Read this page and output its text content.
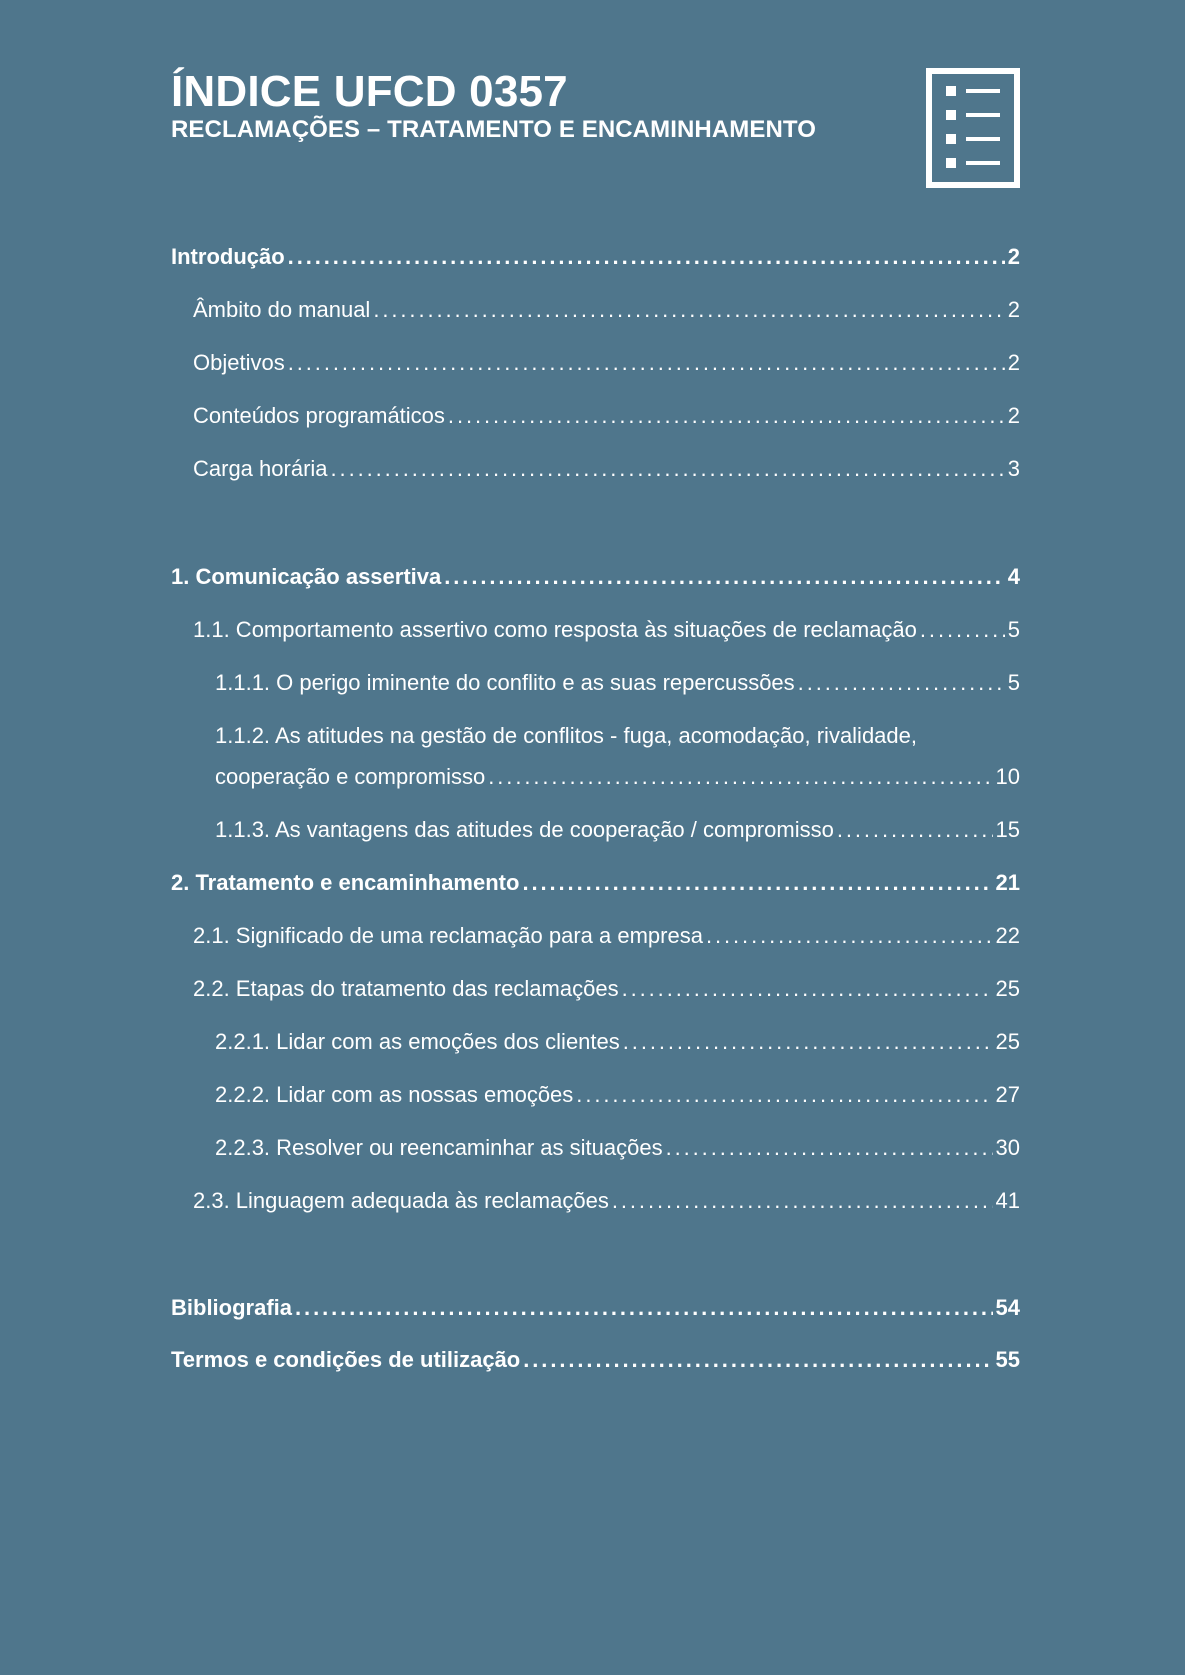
ÍNDICE UFCD 0357
RECLAMAÇÕES – TRATAMENTO E ENCAMINHAMENTO
Introdução . . .	2
Âmbito do manual . . .	2
Objetivos . . .	2
Conteúdos programáticos . . .	2
Carga horária . . .	3
1. Comunicação assertiva . . .	4
1.1. Comportamento assertivo como resposta às situações de reclamação . . .	5
1.1.1. O perigo iminente do conflito e as suas repercussões . . .	5
1.1.2. As atitudes na gestão de conflitos - fuga, acomodação, rivalidade,
cooperação e compromisso . . .	10
1.1.3. As vantagens das atitudes de cooperação / compromisso . . .	15
2. Tratamento e encaminhamento . . .	21
2.1. Significado de uma reclamação para a empresa . . .	22
2.2. Etapas do tratamento das reclamações . . .	25
2.2.1. Lidar com as emoções dos clientes . . .	25
2.2.2. Lidar com as nossas emoções . . .	27
2.2.3. Resolver ou reencaminhar as situações . . .	30
2.3. Linguagem adequada às reclamações . . .	41
Bibliografia . . .	54
Termos e condições de utilização . . .	55
